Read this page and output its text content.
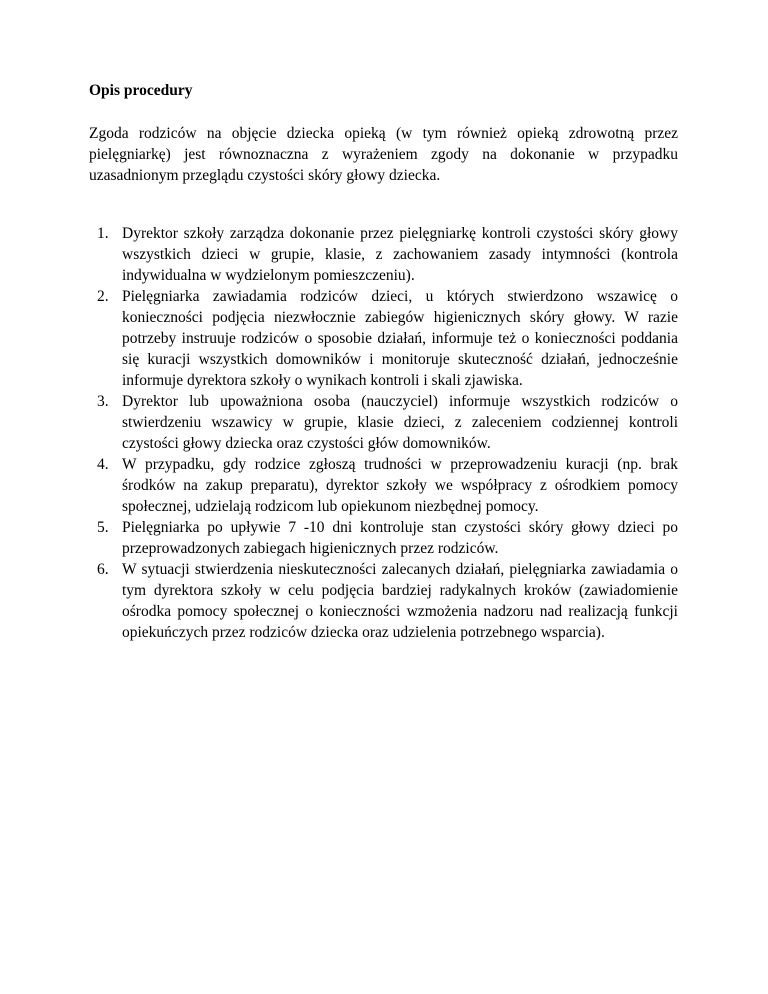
Opis procedury

Zgoda rodziców na objęcie dziecka opieką (w tym również opieką zdrowotną przez pielęgniarkę) jest równoznaczna z wyrażeniem zgody na dokonanie w przypadku uzasadnionym przeglądu czystości skóry głowy dziecka.

1. Dyrektor szkoły zarządza dokonanie przez pielęgniarkę kontroli czystości skóry głowy wszystkich dzieci w grupie, klasie, z zachowaniem zasady intymności (kontrola indywidualna w wydzielonym pomieszczeniu).
2. Pielęgniarka zawiadamia rodziców dzieci, u których stwierdzono wszawicę o konieczności podjęcia niezwłocznie zabiegów higienicznych skóry głowy. W razie potrzeby instruuje rodziców o sposobie działań, informuje też o konieczności poddania się kuracji wszystkich domowników i monitoruje skuteczność działań, jednocześnie informuje dyrektora szkoły o wynikach kontroli i skali zjawiska.
3. Dyrektor lub upoważniona osoba (nauczyciel) informuje wszystkich rodziców o stwierdzeniu wszawicy w grupie, klasie dzieci, z zaleceniem codziennej kontroli czystości głowy dziecka oraz czystości głów domowników.
4. W przypadku, gdy rodzice zgłoszą trudności w przeprowadzeniu kuracji (np. brak środków na zakup preparatu), dyrektor szkoły we współpracy z ośrodkiem pomocy społecznej, udzielają rodzicom lub opiekunom niezbędnej pomocy.
5. Pielęgniarka po upływie 7 -10 dni kontroluje stan czystości skóry głowy dzieci po przeprowadzonych zabiegach higienicznych przez rodziców.
6. W sytuacji stwierdzenia nieskuteczności zalecanych działań, pielęgniarka zawiadamia o tym dyrektora szkoły w celu podjęcia bardziej radykalnych kroków (zawiadomienie ośrodka pomocy społecznej o konieczności wzmożenia nadzoru nad realizacją funkcji opiekuńczych przez rodziców dziecka oraz udzielenia potrzebnego wsparcia).
